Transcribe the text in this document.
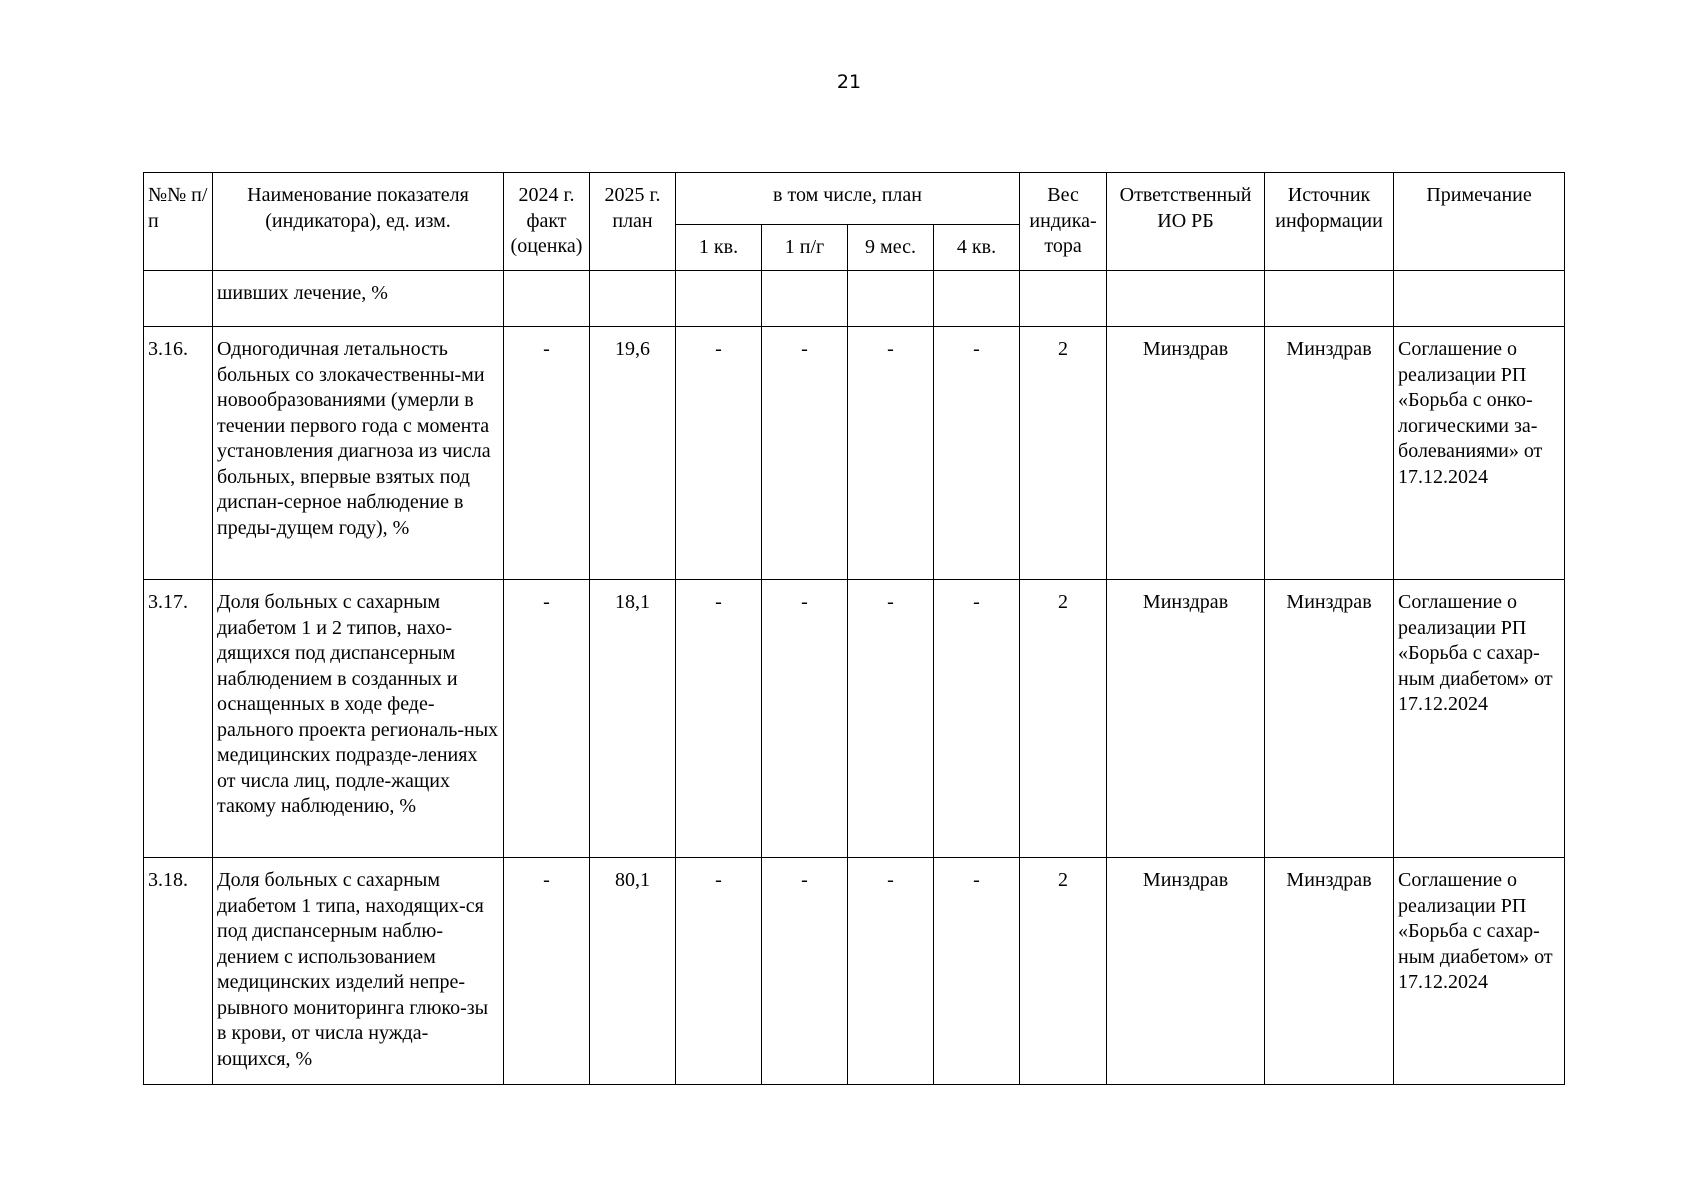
21
№№ п/п	Наименование показателя (индикатора), ед. изм.	2024 г. факт (оценка)	2025 г. план	в том числе, план				Вес индика-тора	Ответственный ИО РБ	Источник информации	Примечание
				1 кв.	1 п/г	9 мес.	4 кв.				
	шивших лечение, %										
3.16.	Одногодичная летальность больных со злокачественны-ми новообразованиями (умерли в течении первого года с момента установления диагноза из числа больных, впервые взятых под диспан-серное наблюдение в преды-дущем году), %	-	19,6	-	-	-	-	2	Минздрав	Минздрав	Соглашение о реализации РП «Борьба с онко-логическими за-болеваниями» от 17.12.2024
3.17.	Доля больных с сахарным диабетом 1 и 2 типов, нахо-дящихся под диспансерным наблюдением в созданных и оснащенных в ходе феде-рального проекта региональ-ных медицинских подразде-лениях от числа лиц, подле-жащих такому наблюдению, %	-	18,1	-	-	-	-	2	Минздрав	Минздрав	Соглашение о реализации РП «Борьба с сахар-ным диабетом» от 17.12.2024
3.18.	Доля больных с сахарным диабетом 1 типа, находящих-ся под диспансерным наблю-дением с использованием медицинских изделий непре-рывного мониторинга глюко-зы в крови, от числа нужда-ющихся, %	-	80,1	-	-	-	-	2	Минздрав	Минздрав	Соглашение о реализации РП «Борьба с сахар-ным диабетом» от 17.12.2024
